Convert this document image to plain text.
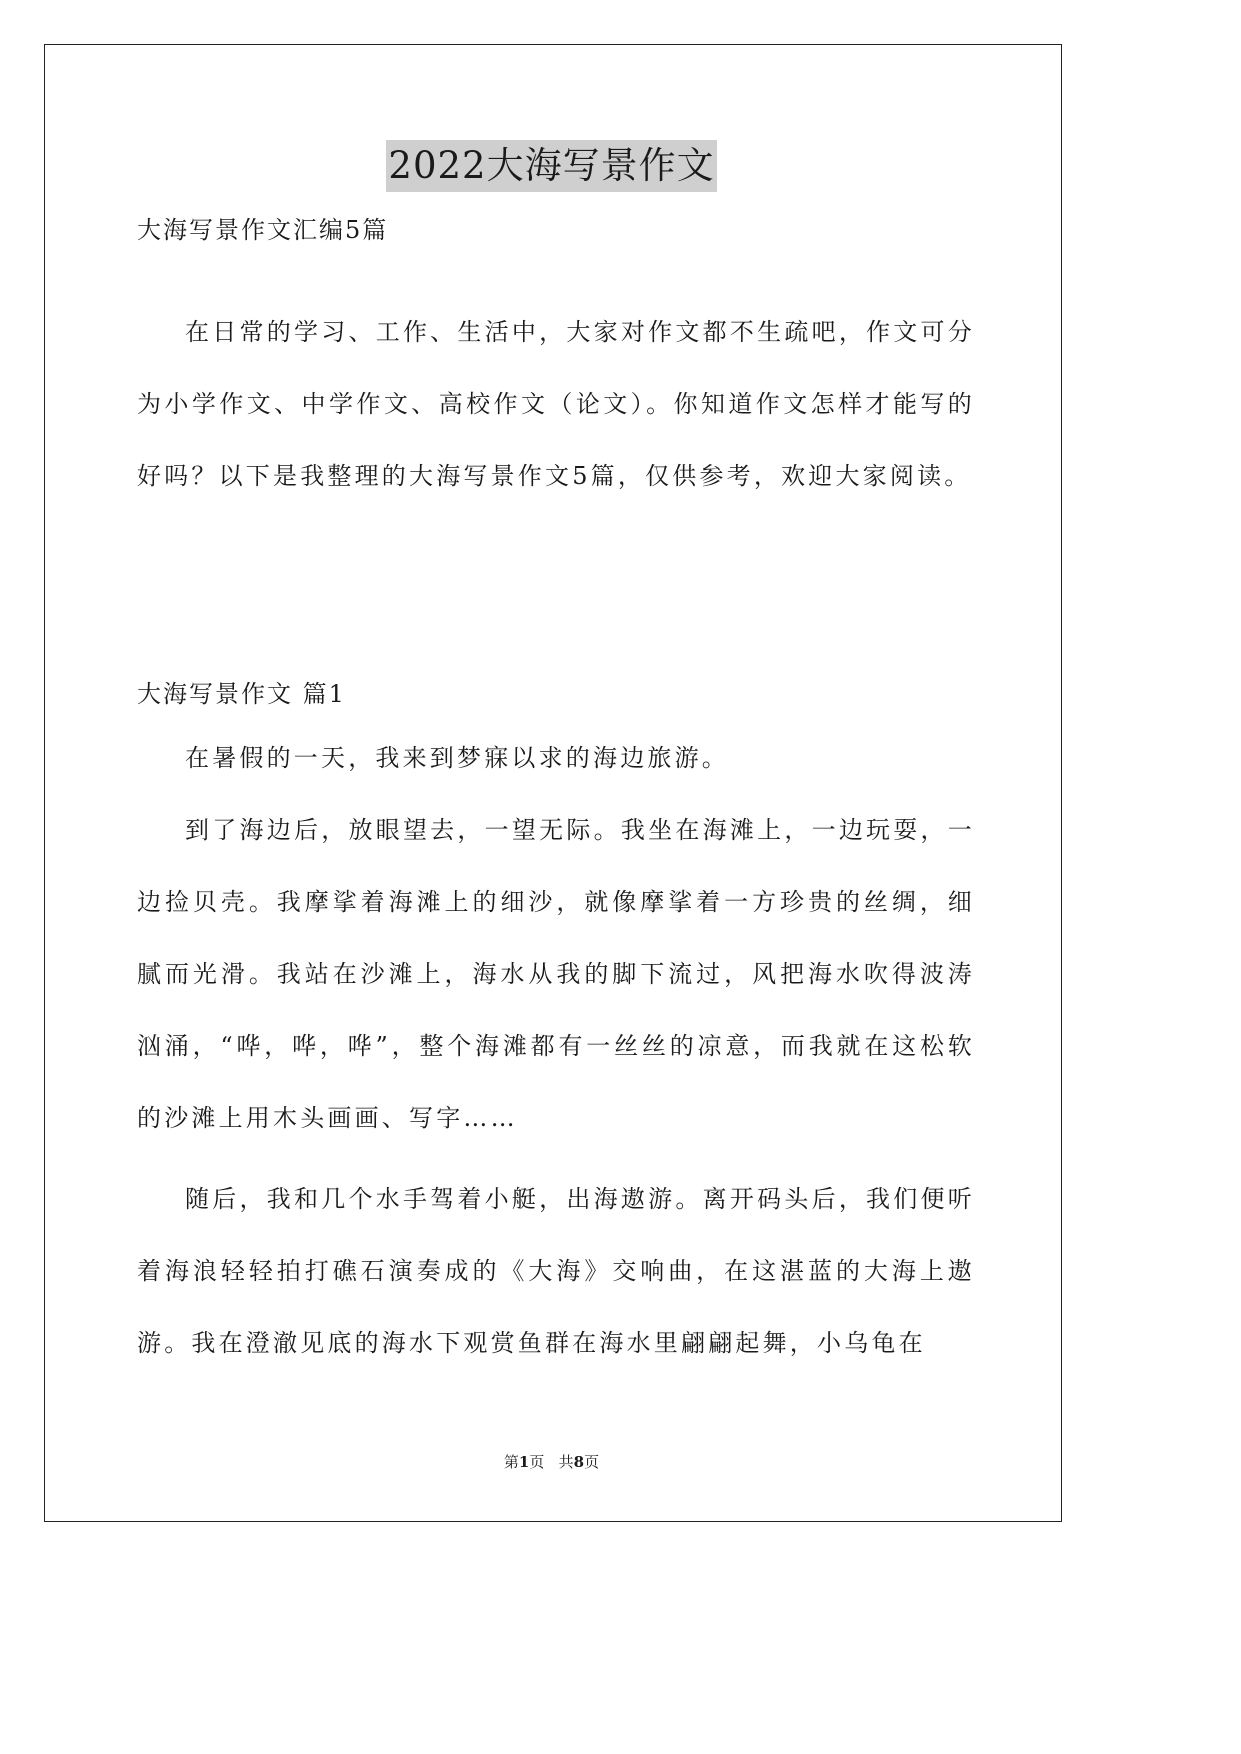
2022大海写景作文
大海写景作文汇编5篇

在日常的学习、工作、生活中，大家对作文都不生疏吧，作文可分为小学作文、中学作文、高校作文（论文）。你知道作文怎样才能写的好吗？以下是我整理的大海写景作文5篇，仅供参考，欢迎大家阅读。

大海写景作文 篇1

在暑假的一天，我来到梦寐以求的海边旅游。

到了海边后，放眼望去，一望无际。我坐在海滩上，一边玩耍，一边捡贝壳。我摩挲着海滩上的细沙，就像摩挲着一方珍贵的丝绸，细腻而光滑。我站在沙滩上，海水从我的脚下流过，风把海水吹得波涛汹涌，“哗，哗，哗”，整个海滩都有一丝丝的凉意，而我就在这松软的沙滩上用木头画画、写字……

随后，我和几个水手驾着小艇，出海遨游。离开码头后，我们便听着海浪轻轻拍打礁石演奏成的《大海》交响曲，在这湛蓝的大海上遨游。我在澄澈见底的海水下观赏鱼群在海水里翩翩起舞，小乌龟在

第1页   共8页
